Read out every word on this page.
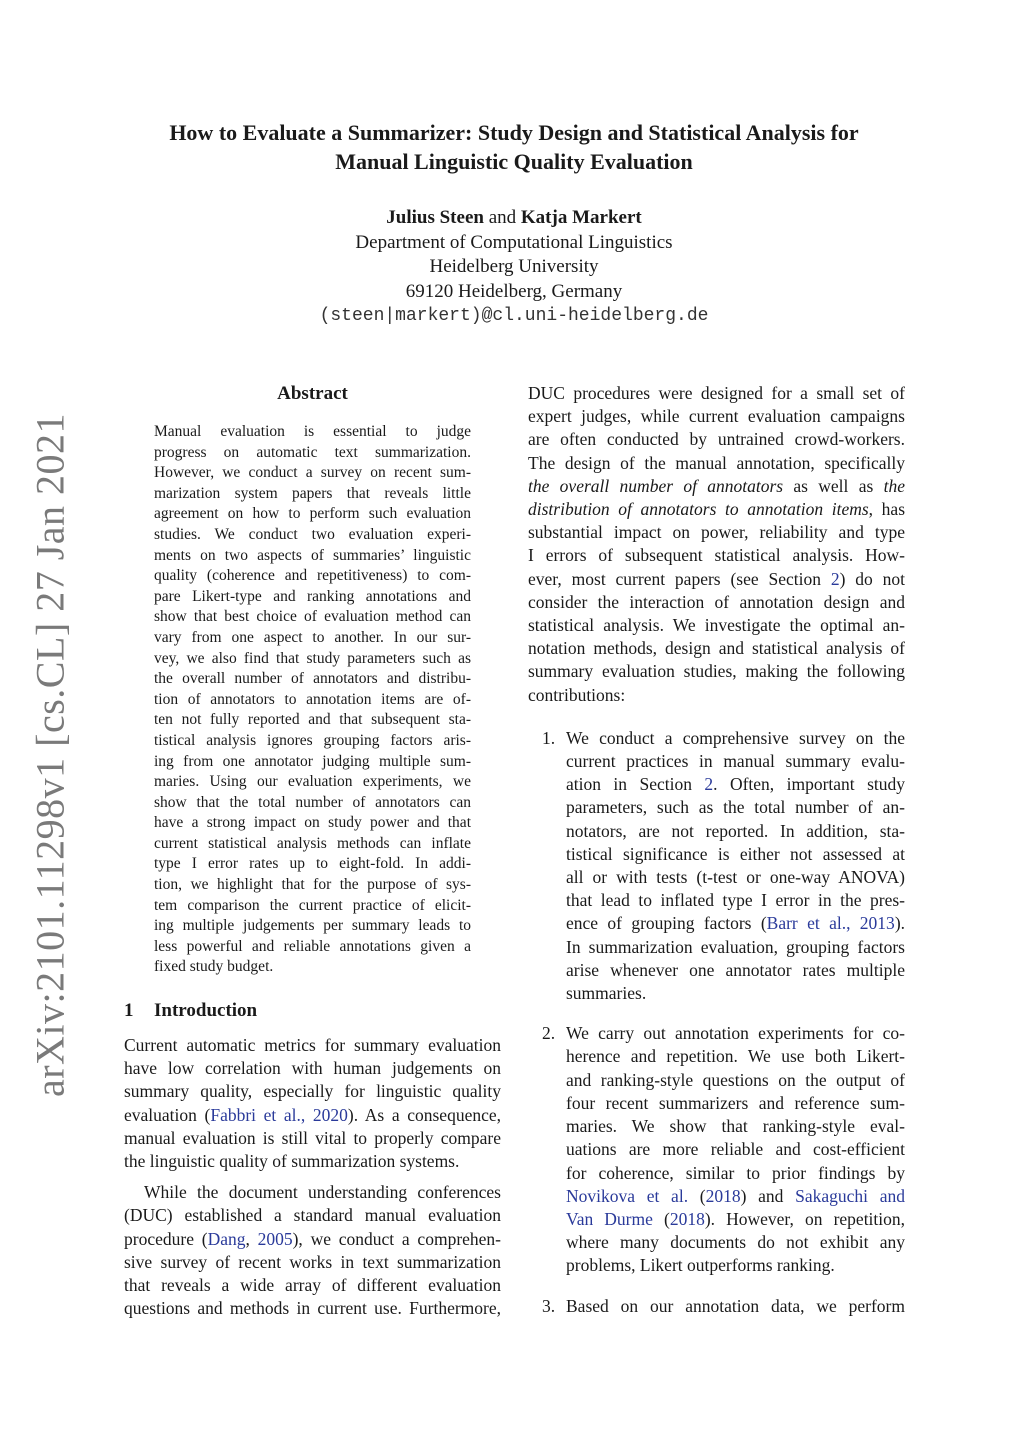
arXiv:2101.11298v1 [cs.CL] 27 Jan 2021
How to Evaluate a Summarizer: Study Design and Statistical Analysis for
Manual Linguistic Quality Evaluation
Julius Steen and Katja Markert
Department of Computational Linguistics
Heidelberg University
69120 Heidelberg, Germany
(steen|markert)@cl.uni-heidelberg.de
Abstract
Manual evaluation is essential to judge
progress on automatic text summarization.
However, we conduct a survey on recent sum-
marization system papers that reveals little
agreement on how to perform such evaluation
studies. We conduct two evaluation experi-
ments on two aspects of summaries’ linguistic
quality (coherence and repetitiveness) to com-
pare Likert-type and ranking annotations and
show that best choice of evaluation method can
vary from one aspect to another. In our sur-
vey, we also find that study parameters such as
the overall number of annotators and distribu-
tion of annotators to annotation items are of-
ten not fully reported and that subsequent sta-
tistical analysis ignores grouping factors aris-
ing from one annotator judging multiple sum-
maries. Using our evaluation experiments, we
show that the total number of annotators can
have a strong impact on study power and that
current statistical analysis methods can inflate
type I error rates up to eight-fold. In addi-
tion, we highlight that for the purpose of sys-
tem comparison the current practice of elicit-
ing multiple judgements per summary leads to
less powerful and reliable annotations given a
fixed study budget.
1 Introduction
Current automatic metrics for summary evaluation
have low correlation with human judgements on
summary quality, especially for linguistic quality
evaluation (Fabbri et al., 2020). As a consequence,
manual evaluation is still vital to properly compare
the linguistic quality of summarization systems.
While the document understanding conferences
(DUC) established a standard manual evaluation
procedure (Dang, 2005), we conduct a comprehen-
sive survey of recent works in text summarization
that reveals a wide array of different evaluation
questions and methods in current use. Furthermore,
DUC procedures were designed for a small set of
expert judges, while current evaluation campaigns
are often conducted by untrained crowd-workers.
The design of the manual annotation, specifically
the overall number of annotators as well as the
distribution of annotators to annotation items, has
substantial impact on power, reliability and type
I errors of subsequent statistical analysis. How-
ever, most current papers (see Section 2) do not
consider the interaction of annotation design and
statistical analysis. We investigate the optimal an-
notation methods, design and statistical analysis of
summary evaluation studies, making the following
contributions:
1. We conduct a comprehensive survey on the
current practices in manual summary evalu-
ation in Section 2. Often, important study
parameters, such as the total number of an-
notators, are not reported. In addition, sta-
tistical significance is either not assessed at
all or with tests (t-test or one-way ANOVA)
that lead to inflated type I error in the pres-
ence of grouping factors (Barr et al., 2013).
In summarization evaluation, grouping factors
arise whenever one annotator rates multiple
summaries.
2. We carry out annotation experiments for co-
herence and repetition. We use both Likert-
and ranking-style questions on the output of
four recent summarizers and reference sum-
maries. We show that ranking-style eval-
uations are more reliable and cost-efficient
for coherence, similar to prior findings by
Novikova et al. (2018) and Sakaguchi and
Van Durme (2018). However, on repetition,
where many documents do not exhibit any
problems, Likert outperforms ranking.
3. Based on our annotation data, we perform
